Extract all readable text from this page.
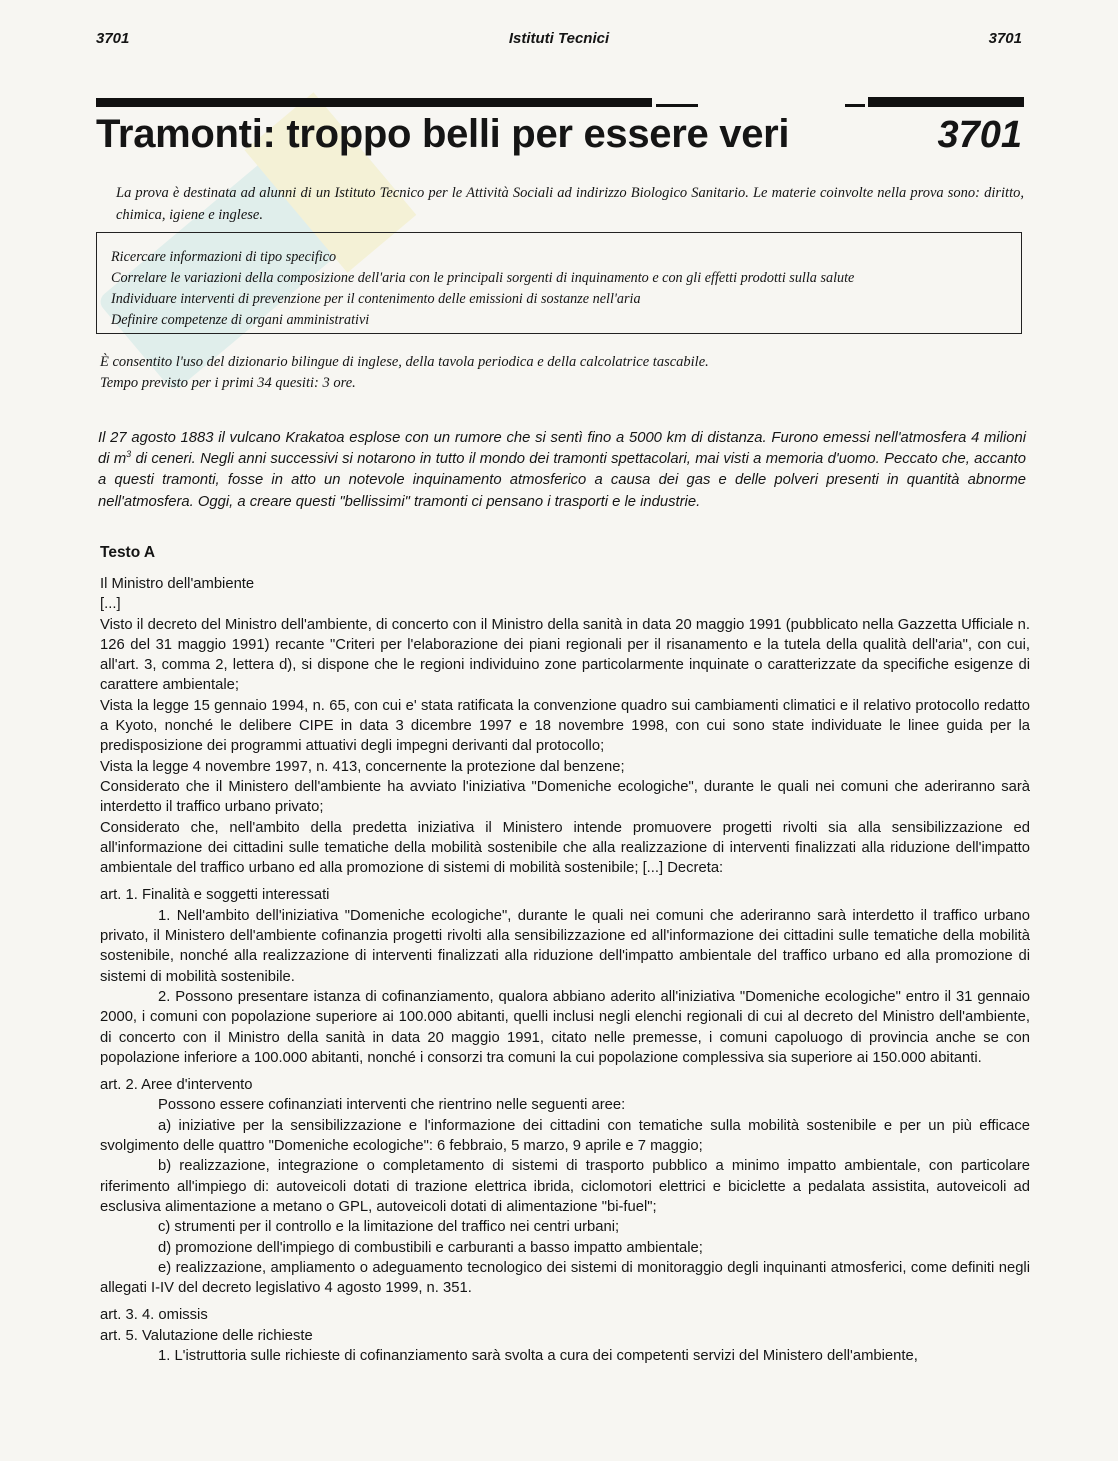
3701	Istituti Tecnici	3701
Tramonti: troppo belli per essere veri	3701
La prova è destinata ad alunni di un Istituto Tecnico per le Attività Sociali ad indirizzo Biologico Sanitario. Le materie coinvolte nella prova sono: diritto, chimica, igiene e inglese.
Ricercare informazioni di tipo specifico
Correlare le variazioni della composizione dell'aria con le principali sorgenti di inquinamento e con gli effetti prodotti sulla salute
Individuare interventi di prevenzione per il contenimento delle emissioni di sostanze nell'aria
Definire competenze di organi amministrativi
È consentito l'uso del dizionario bilingue di inglese, della tavola periodica e della calcolatrice tascabile.
Tempo previsto per i primi 34 quesiti: 3 ore.
Il 27 agosto 1883 il vulcano Krakatoa esplose con un rumore che si sentì fino a 5000 km di distanza. Furono emessi nell'atmosfera 4 milioni di $m^3$ di ceneri. Negli anni successivi si notarono in tutto il mondo dei tramonti spettacolari, mai visti a memoria d'uomo. Peccato che, accanto a questi tramonti, fosse in atto un notevole inquinamento atmosferico a causa dei gas e delle polveri presenti in quantità abnorme nell'atmosfera. Oggi, a creare questi "bellissimi" tramonti ci pensano i trasporti e le industrie.
Testo A

Il Ministro dell'ambiente

[...]

Visto il decreto del Ministro dell'ambiente, di concerto con il Ministro della sanità in data 20 maggio 1991 (pubblicato nella Gazzetta Ufficiale n. 126 del 31 maggio 1991) recante "Criteri per l'elaborazione dei piani regionali per il risanamento e la tutela della qualità dell'aria", con cui, all'art. 3, comma 2, lettera d), si dispone che le regioni individuino zone particolarmente inquinate o caratterizzate da specifiche esigenze di carattere ambientale;

Vista la legge 15 gennaio 1994, n. 65, con cui e' stata ratificata la convenzione quadro sui cambiamenti climatici e il relativo protocollo redatto a Kyoto, nonché le delibere CIPE in data 3 dicembre 1997 e 18 novembre 1998, con cui sono state individuate le linee guida per la predisposizione dei programmi attuativi degli impegni derivanti dal protocollo;

Vista la legge 4 novembre 1997, n. 413, concernente la protezione dal benzene;

Considerato che il Ministero dell'ambiente ha avviato l'iniziativa "Domeniche ecologiche", durante le quali nei comuni che aderiranno sarà interdetto il traffico urbano privato;

Considerato che, nell'ambito della predetta iniziativa il Ministero intende promuovere progetti rivolti sia alla sensibilizzazione ed all'informazione dei cittadini sulle tematiche della mobilità sostenibile che alla realizzazione di interventi finalizzati alla riduzione dell'impatto ambientale del traffico urbano ed alla promozione di sistemi di mobilità sostenibile; [...] Decreta:

art. 1. Finalità e soggetti interessati

1. Nell'ambito dell'iniziativa "Domeniche ecologiche", durante le quali nei comuni che aderiranno sarà interdetto il traffico urbano privato, il Ministero dell'ambiente cofinanzia progetti rivolti alla sensibilizzazione ed all'informazione dei cittadini sulle tematiche della mobilità sostenibile, nonché alla realizzazione di interventi finalizzati alla riduzione dell'impatto ambientale del traffico urbano ed alla promozione di sistemi di mobilità sostenibile.

2. Possono presentare istanza di cofinanziamento, qualora abbiano aderito all'iniziativa "Domeniche ecologiche" entro il 31 gennaio 2000, i comuni con popolazione superiore ai 100.000 abitanti, quelli inclusi negli elenchi regionali di cui al decreto del Ministro dell'ambiente, di concerto con il Ministro della sanità in data 20 maggio 1991, citato nelle premesse, i comuni capoluogo di provincia anche se con popolazione inferiore a 100.000 abitanti, nonché i consorzi tra comuni la cui popolazione complessiva sia superiore ai 150.000 abitanti.

art. 2. Aree d'intervento

Possono essere cofinanziati interventi che rientrino nelle seguenti aree:

a) iniziative per la sensibilizzazione e l'informazione dei cittadini con tematiche sulla mobilità sostenibile e per un più efficace svolgimento delle quattro "Domeniche ecologiche": 6 febbraio, 5 marzo, 9 aprile e 7 maggio;

b) realizzazione, integrazione o completamento di sistemi di trasporto pubblico a minimo impatto ambientale, con particolare riferimento all'impiego di: autoveicoli dotati di trazione elettrica ibrida, ciclomotori elettrici e biciclette a pedalata assistita, autoveicoli ad esclusiva alimentazione a metano o GPL, autoveicoli dotati di alimentazione "bi-fuel";

c) strumenti per il controllo e la limitazione del traffico nei centri urbani;

d) promozione dell'impiego di combustibili e carburanti a basso impatto ambientale;

e) realizzazione, ampliamento o adeguamento tecnologico dei sistemi di monitoraggio degli inquinanti atmosferici, come definiti negli allegati I-IV del decreto legislativo 4 agosto 1999, n. 351.

art. 3. 4. omissis

art. 5. Valutazione delle richieste

1. L'istruttoria sulle richieste di cofinanziamento sarà svolta a cura dei competenti servizi del Ministero dell'ambiente,
